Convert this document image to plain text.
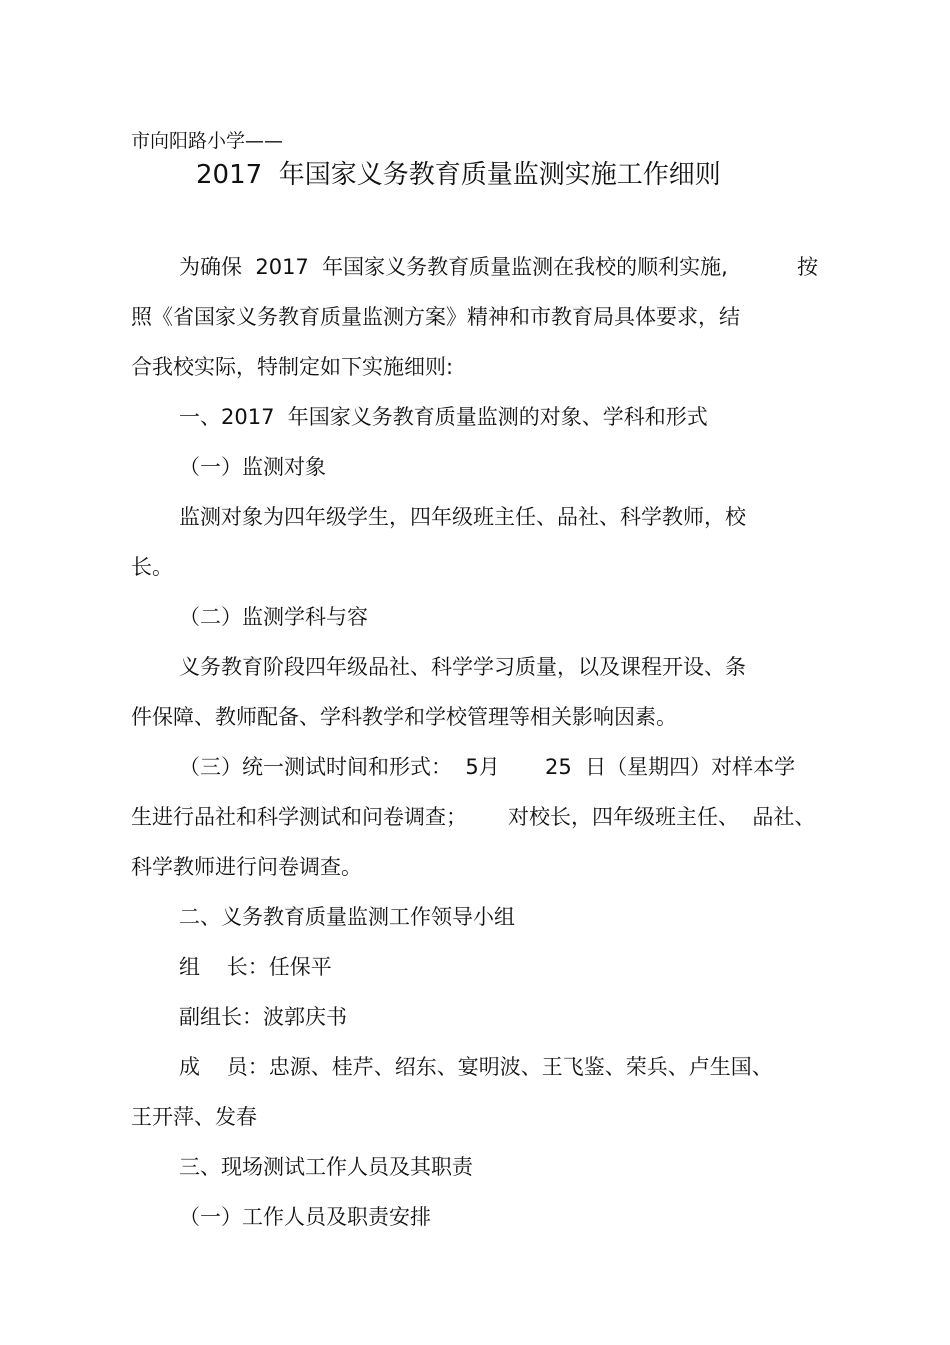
市向阳路小学——
2017  年国家义务教育质量监测实施工作细则
为确保  2017  年国家义务教育质量监测在我校的顺利实施,	按
照《省国家义务教育质量监测方案》精神和市教育局具体要求，结
合我校实际，特制定如下实施细则:
一、2017  年国家义务教育质量监测的对象、学科和形式
（一）监测对象
监测对象为四年级学生，四年级班主任、品社、科学教师，校
长。
（二）监测学科与容
义务教育阶段四年级品社、科学学习质量，以及课程开设、条
件保障、教师配备、学科教学和学校管理等相关影响因素。
（三）统一测试时间和形式：  5月 25  日（星期四）对样本学
生进行品社和科学测试和问卷调查； 对校长，四年级班主任、  品社、
科学教师进行问卷调查。
二、义务教育质量监测工作领导小组
组    长：任保平
副组长：波郭庆书
成    员：忠源、桂芹、绍东、宴明波、王飞鉴、荣兵、卢生国、
王开萍、发春
三、现场测试工作人员及其职责
（一）工作人员及职责安排
